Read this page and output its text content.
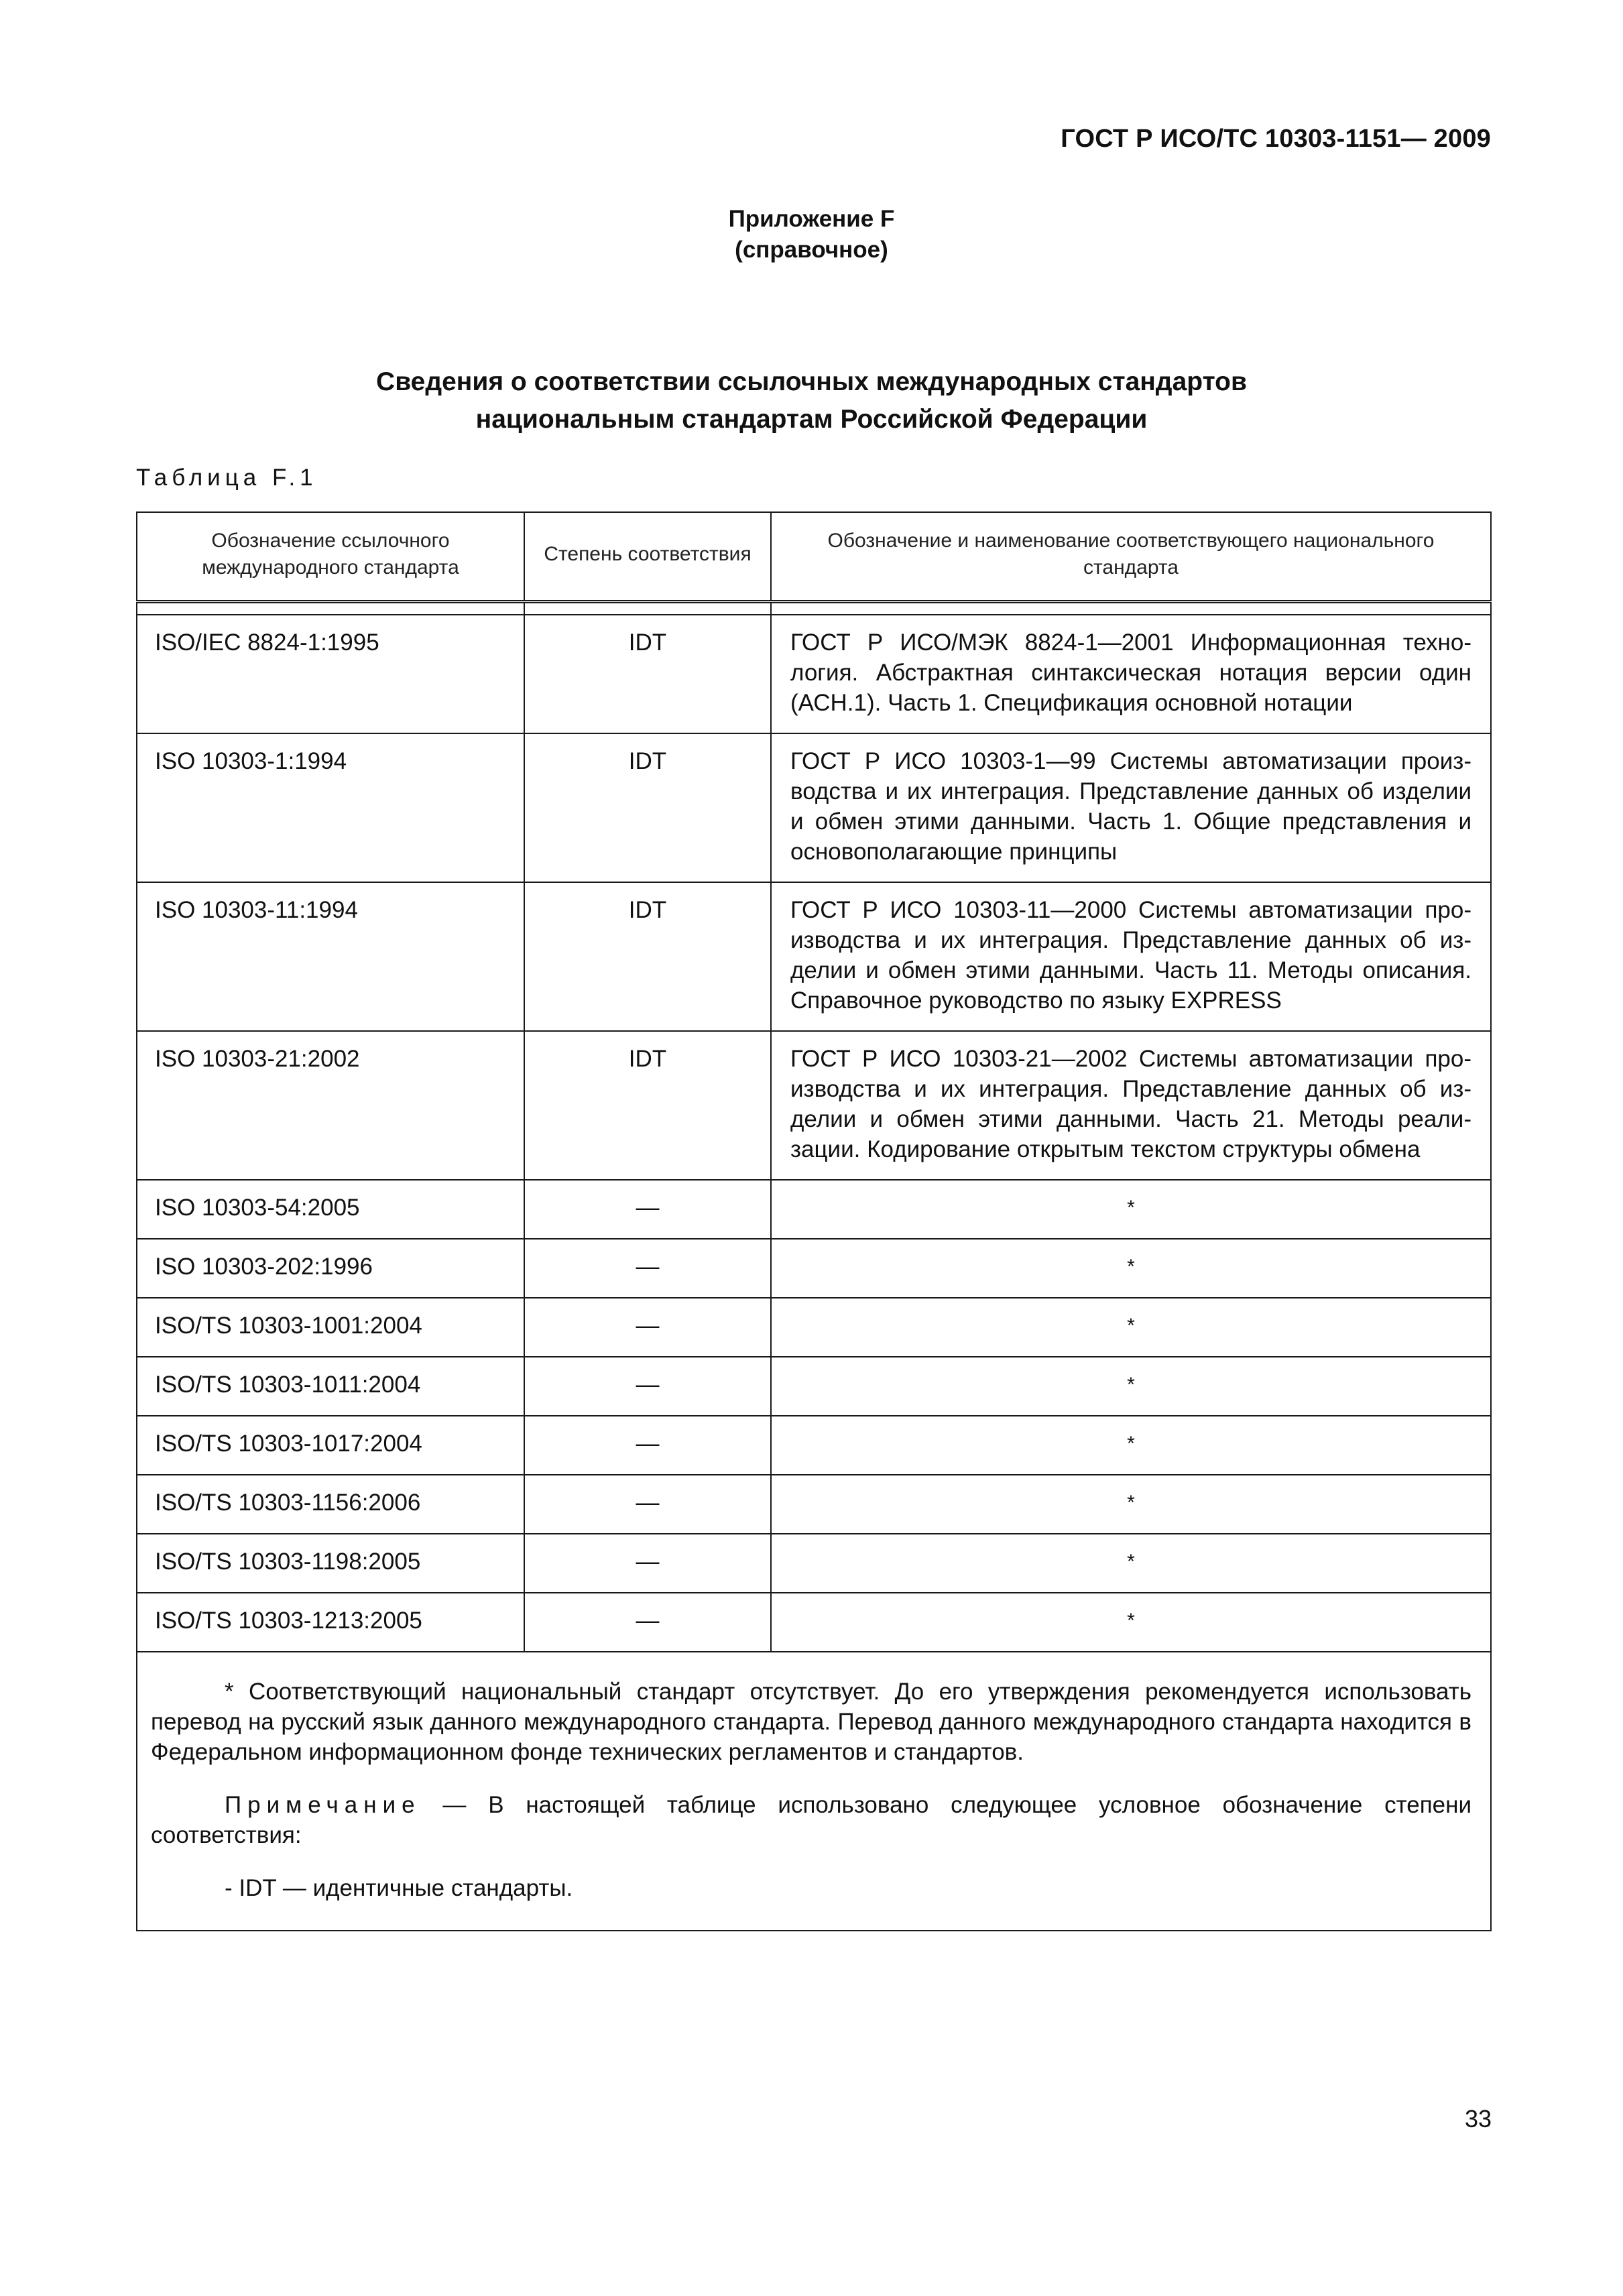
ГОСТ Р ИСО/ТС 10303-1151— 2009
Приложение F
(справочное)
Сведения о соответствии ссылочных международных стандартов
национальным стандартам Российской Федерации
Таблица F.1
Обозначение ссылочного международного стандарта	Степень соответствия	Обозначение и наименование соответствующего национального стандарта

ISO/IEC 8824-1:1995	IDT	ГОСТ Р ИСО/МЭК 8824-1—2001 Информационная технология. Абстрактная синтаксическая нотация версии один (АСН.1). Часть 1. Спецификация основной нотации
ISO 10303-1:1994	IDT	ГОСТ Р ИСО 10303-1—99 Системы автоматизации производства и их интеграция. Представление данных об изделии и обмен этими данными. Часть 1. Общие представления и основополагающие принципы
ISO 10303-11:1994	IDT	ГОСТ Р ИСО 10303-11—2000 Системы автоматизации производства и их интеграция. Представление данных об изделии и обмен этими данными. Часть 11. Методы описания. Справочное руководство по языку EXPRESS
ISO 10303-21:2002	IDT	ГОСТ Р ИСО 10303-21—2002 Системы автоматизации производства и их интеграция. Представление данных об изделии и обмен этими данными. Часть 21. Методы реализации. Кодирование открытым текстом структуры обмена
ISO 10303-54:2005	—	*
ISO 10303-202:1996	—	*
ISO/TS 10303-1001:2004	—	*
ISO/TS 10303-1011:2004	—	*
ISO/TS 10303-1017:2004	—	*
ISO/TS 10303-1156:2006	—	*
ISO/TS 10303-1198:2005	—	*
ISO/TS 10303-1213:2005	—	*

* Соответствующий национальный стандарт отсутствует. До его утверждения рекомендуется использовать перевод на русский язык данного международного стандарта. Перевод данного международного стандарта находится в Федеральном информационном фонде технических регламентов и стандартов.

Примечание — В настоящей таблице использовано следующее условное обозначение степени соответствия:

- IDT — идентичные стандарты.		

33
